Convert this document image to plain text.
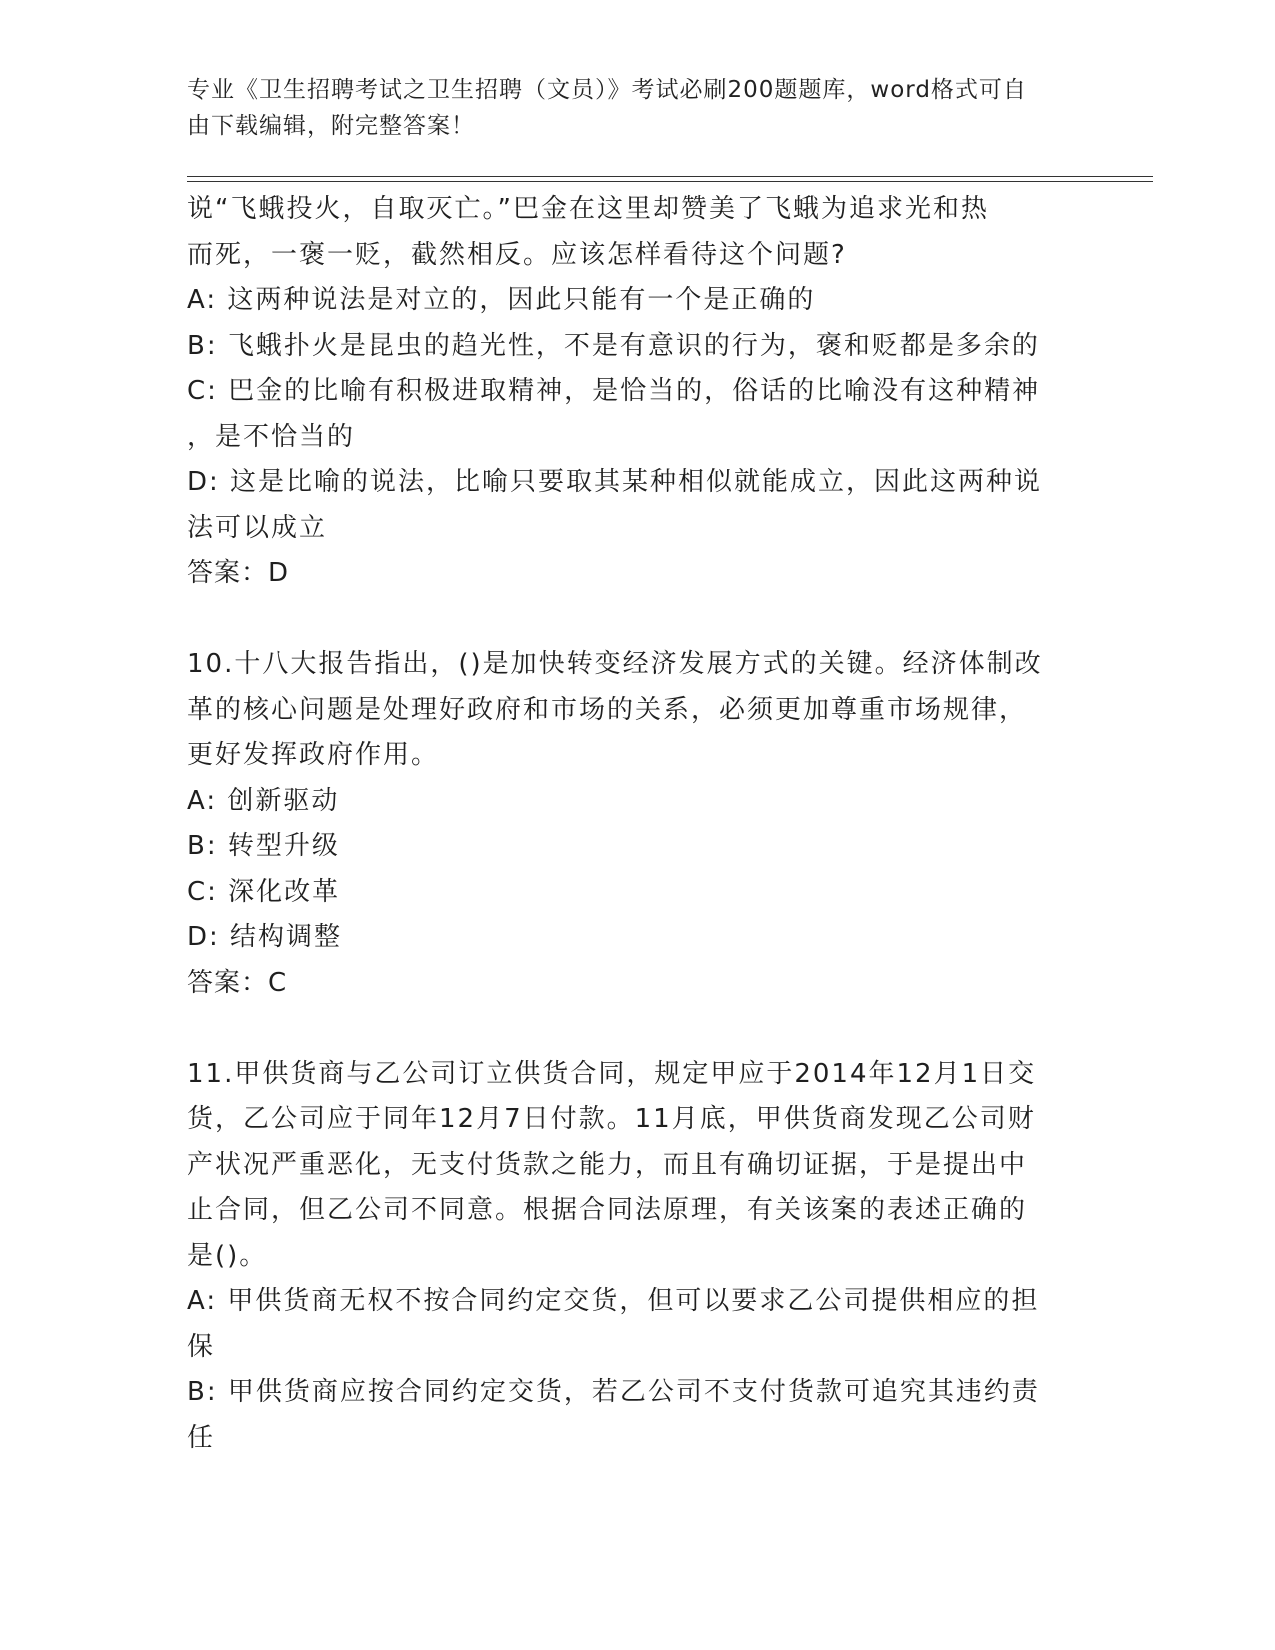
专业《卫生招聘考试之卫生招聘（文员）》考试必刷200题题库，word格式可自
由下载编辑，附完整答案！
说“飞蛾投火，自取灭亡。”巴金在这里却赞美了飞蛾为追求光和热
而死，一褒一贬，截然相反。应该怎样看待这个问题?
A: 这两种说法是对立的，因此只能有一个是正确的
B: 飞蛾扑火是昆虫的趋光性，不是有意识的行为，褒和贬都是多余的
C: 巴金的比喻有积极进取精神，是恰当的，俗话的比喻没有这种精神
，是不恰当的
D: 这是比喻的说法，比喻只要取其某种相似就能成立，因此这两种说
法可以成立
答案：D
10.十八大报告指出，()是加快转变经济发展方式的关键。经济体制改
革的核心问题是处理好政府和市场的关系，必须更加尊重市场规律，
更好发挥政府作用。
A: 创新驱动
B: 转型升级
C: 深化改革
D: 结构调整
答案：C
11.甲供货商与乙公司订立供货合同，规定甲应于2014年12月1日交
货，乙公司应于同年12月7日付款。11月底，甲供货商发现乙公司财
产状况严重恶化，无支付货款之能力，而且有确切证据，于是提出中
止合同，但乙公司不同意。根据合同法原理，有关该案的表述正确的
是()。
A: 甲供货商无权不按合同约定交货，但可以要求乙公司提供相应的担
保
B: 甲供货商应按合同约定交货，若乙公司不支付货款可追究其违约责
任
